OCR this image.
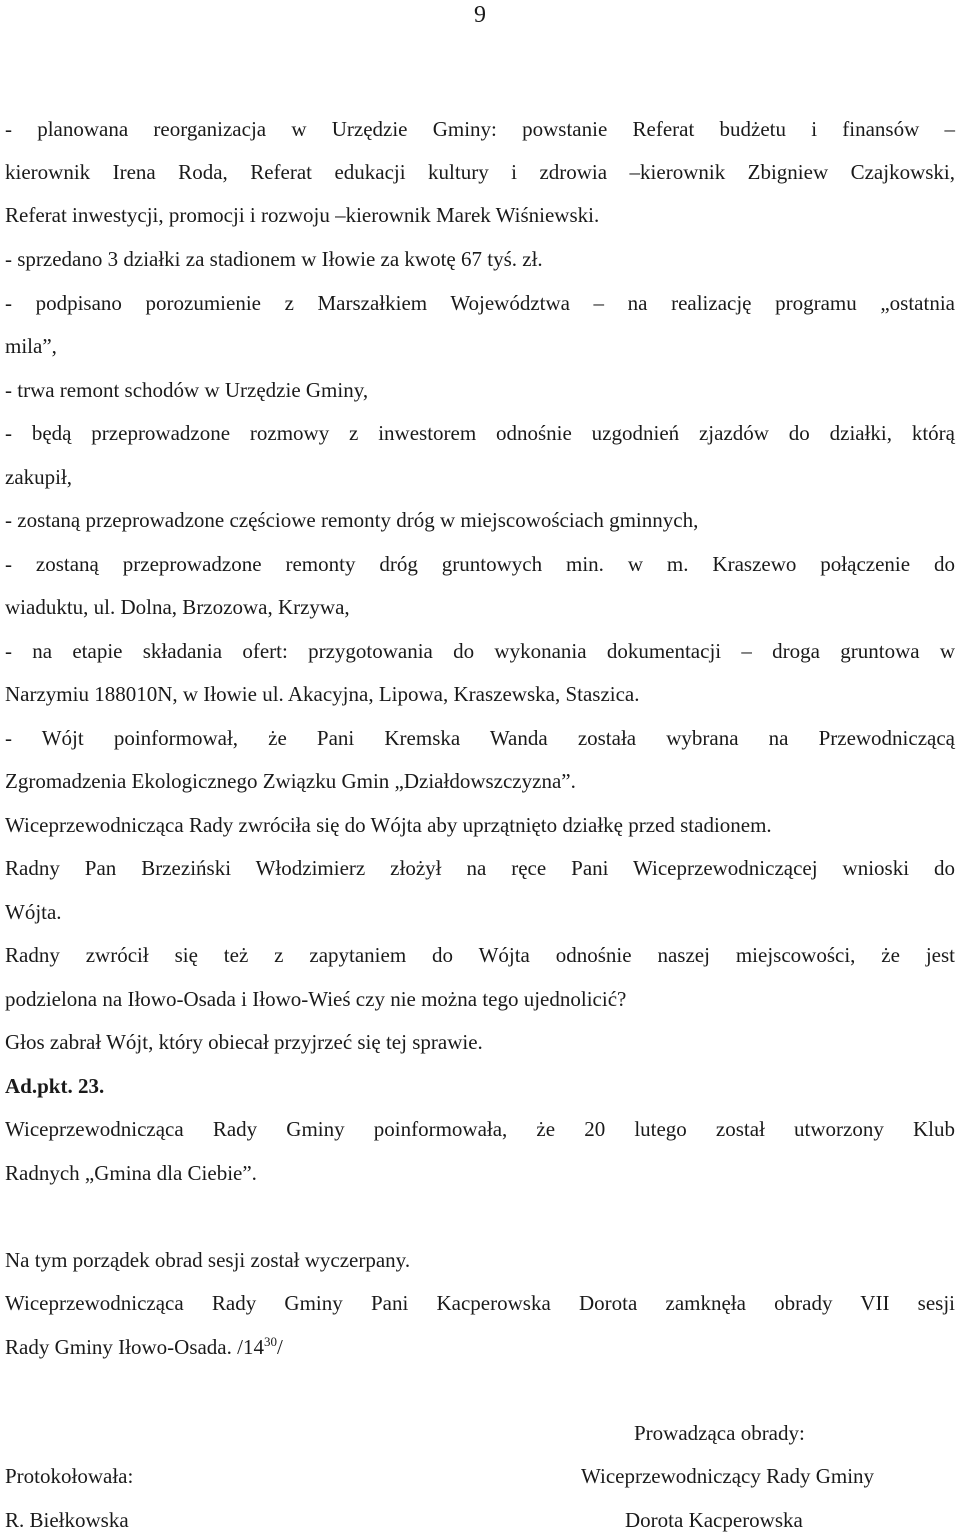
9
- planowana reorganizacja w Urzędzie Gminy: powstanie Referat budżetu i finansów –
kierownik Irena Roda, Referat edukacji kultury i zdrowia –kierownik Zbigniew Czajkowski,
Referat inwestycji, promocji i rozwoju –kierownik Marek Wiśniewski.
- sprzedano 3 działki za stadionem w Iłowie za kwotę 67 tyś. zł.
- podpisano porozumienie z Marszałkiem Województwa – na realizację programu „ostatnia
mila”,
- trwa remont schodów w Urzędzie Gminy,
- będą przeprowadzone rozmowy z inwestorem odnośnie uzgodnień zjazdów do działki, którą
zakupił,
- zostaną przeprowadzone częściowe remonty dróg w miejscowościach gminnych,
- zostaną przeprowadzone remonty dróg gruntowych min. w m. Kraszewo połączenie do
wiaduktu, ul. Dolna, Brzozowa, Krzywa,
- na etapie składania ofert: przygotowania do wykonania dokumentacji – droga gruntowa w
Narzymiu 188010N, w Iłowie ul. Akacyjna, Lipowa, Kraszewska, Staszica.
- Wójt poinformował, że Pani Kremska Wanda została wybrana na Przewodniczącą
Zgromadzenia Ekologicznego Związku Gmin „Działdowszczyzna”.
Wiceprzewodnicząca Rady zwróciła się do Wójta aby uprzątnięto działkę przed stadionem.
Radny Pan Brzeziński Włodzimierz złożył na ręce Pani Wiceprzewodniczącej wnioski do
Wójta.
Radny zwrócił się też z zapytaniem do Wójta odnośnie naszej miejscowości, że jest
podzielona na Iłowo-Osada i Iłowo-Wieś czy nie można tego ujednolicić?
Głos zabrał Wójt, który obiecał przyjrzeć się tej sprawie.
Ad.pkt. 23.
Wiceprzewodnicząca Rady Gminy poinformowała, że 20 lutego został utworzony Klub
Radnych „Gmina dla Ciebie”.
Na tym porządek obrad sesji został wyczerpany.
Wiceprzewodnicząca Rady Gminy Pani Kacperowska Dorota zamknęła obrady VII sesji
Rady Gminy Iłowo-Osada. $/14^{30}/$
Prowadząca obrady:
Protokołowała:	Wiceprzewodniczący Rady Gminy
R. Biełkowska	Dorota Kacperowska
